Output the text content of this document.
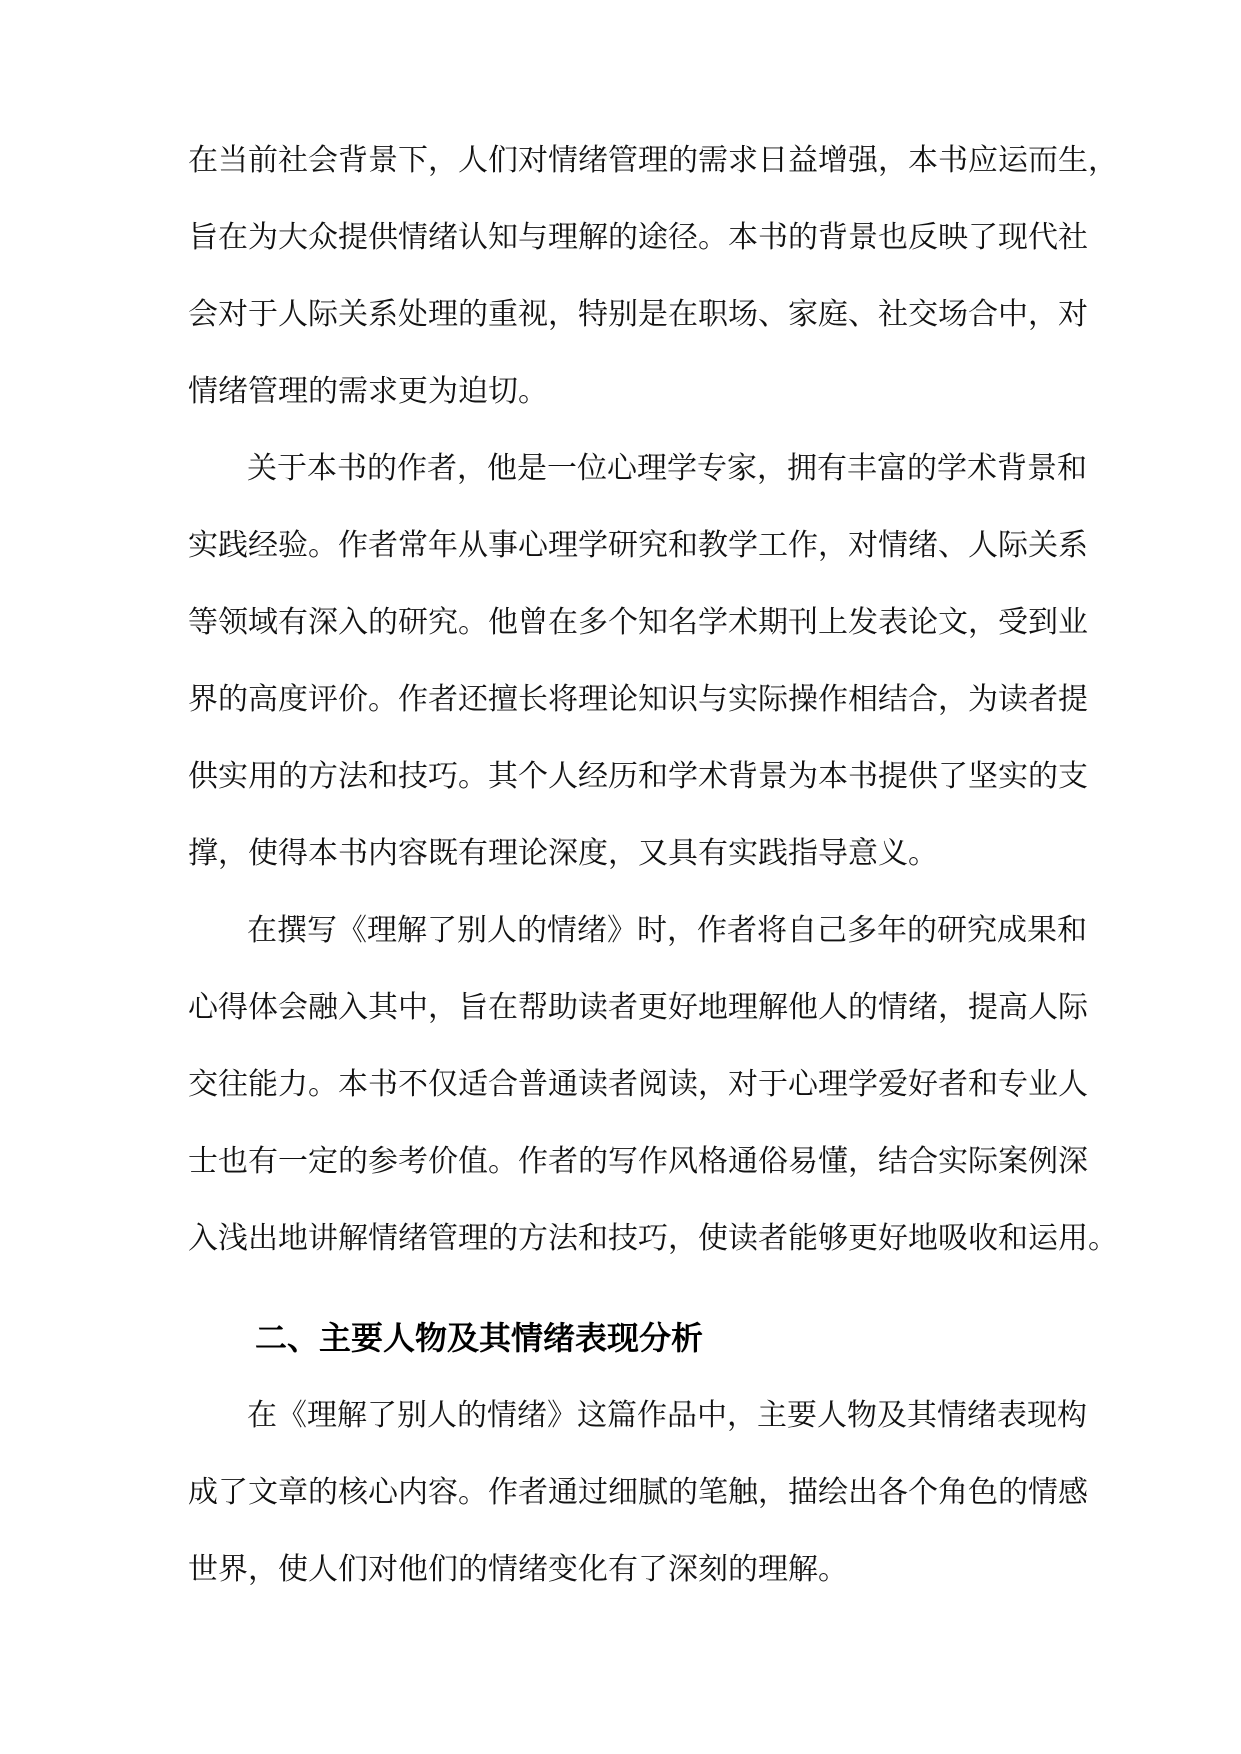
在当前社会背景下，人们对情绪管理的需求日益增强，本书应运而生，

旨在为大众提供情绪认知与理解的途径。本书的背景也反映了现代社

会对于人际关系处理的重视，特别是在职场、家庭、社交场合中，对

情绪管理的需求更为迫切。

关于本书的作者，他是一位心理学专家，拥有丰富的学术背景和

实践经验。作者常年从事心理学研究和教学工作，对情绪、人际关系

等领域有深入的研究。他曾在多个知名学术期刊上发表论文，受到业

界的高度评价。作者还擅长将理论知识与实际操作相结合，为读者提

供实用的方法和技巧。其个人经历和学术背景为本书提供了坚实的支

撑，使得本书内容既有理论深度，又具有实践指导意义。

在撰写《理解了别人的情绪》时，作者将自己多年的研究成果和

心得体会融入其中，旨在帮助读者更好地理解他人的情绪，提高人际

交往能力。本书不仅适合普通读者阅读，对于心理学爱好者和专业人

士也有一定的参考价值。作者的写作风格通俗易懂，结合实际案例深

入浅出地讲解情绪管理的方法和技巧，使读者能够更好地吸收和运用。

二、主要人物及其情绪表现分析

在《理解了别人的情绪》这篇作品中，主要人物及其情绪表现构

成了文章的核心内容。作者通过细腻的笔触，描绘出各个角色的情感

世界，使人们对他们的情绪变化有了深刻的理解。
